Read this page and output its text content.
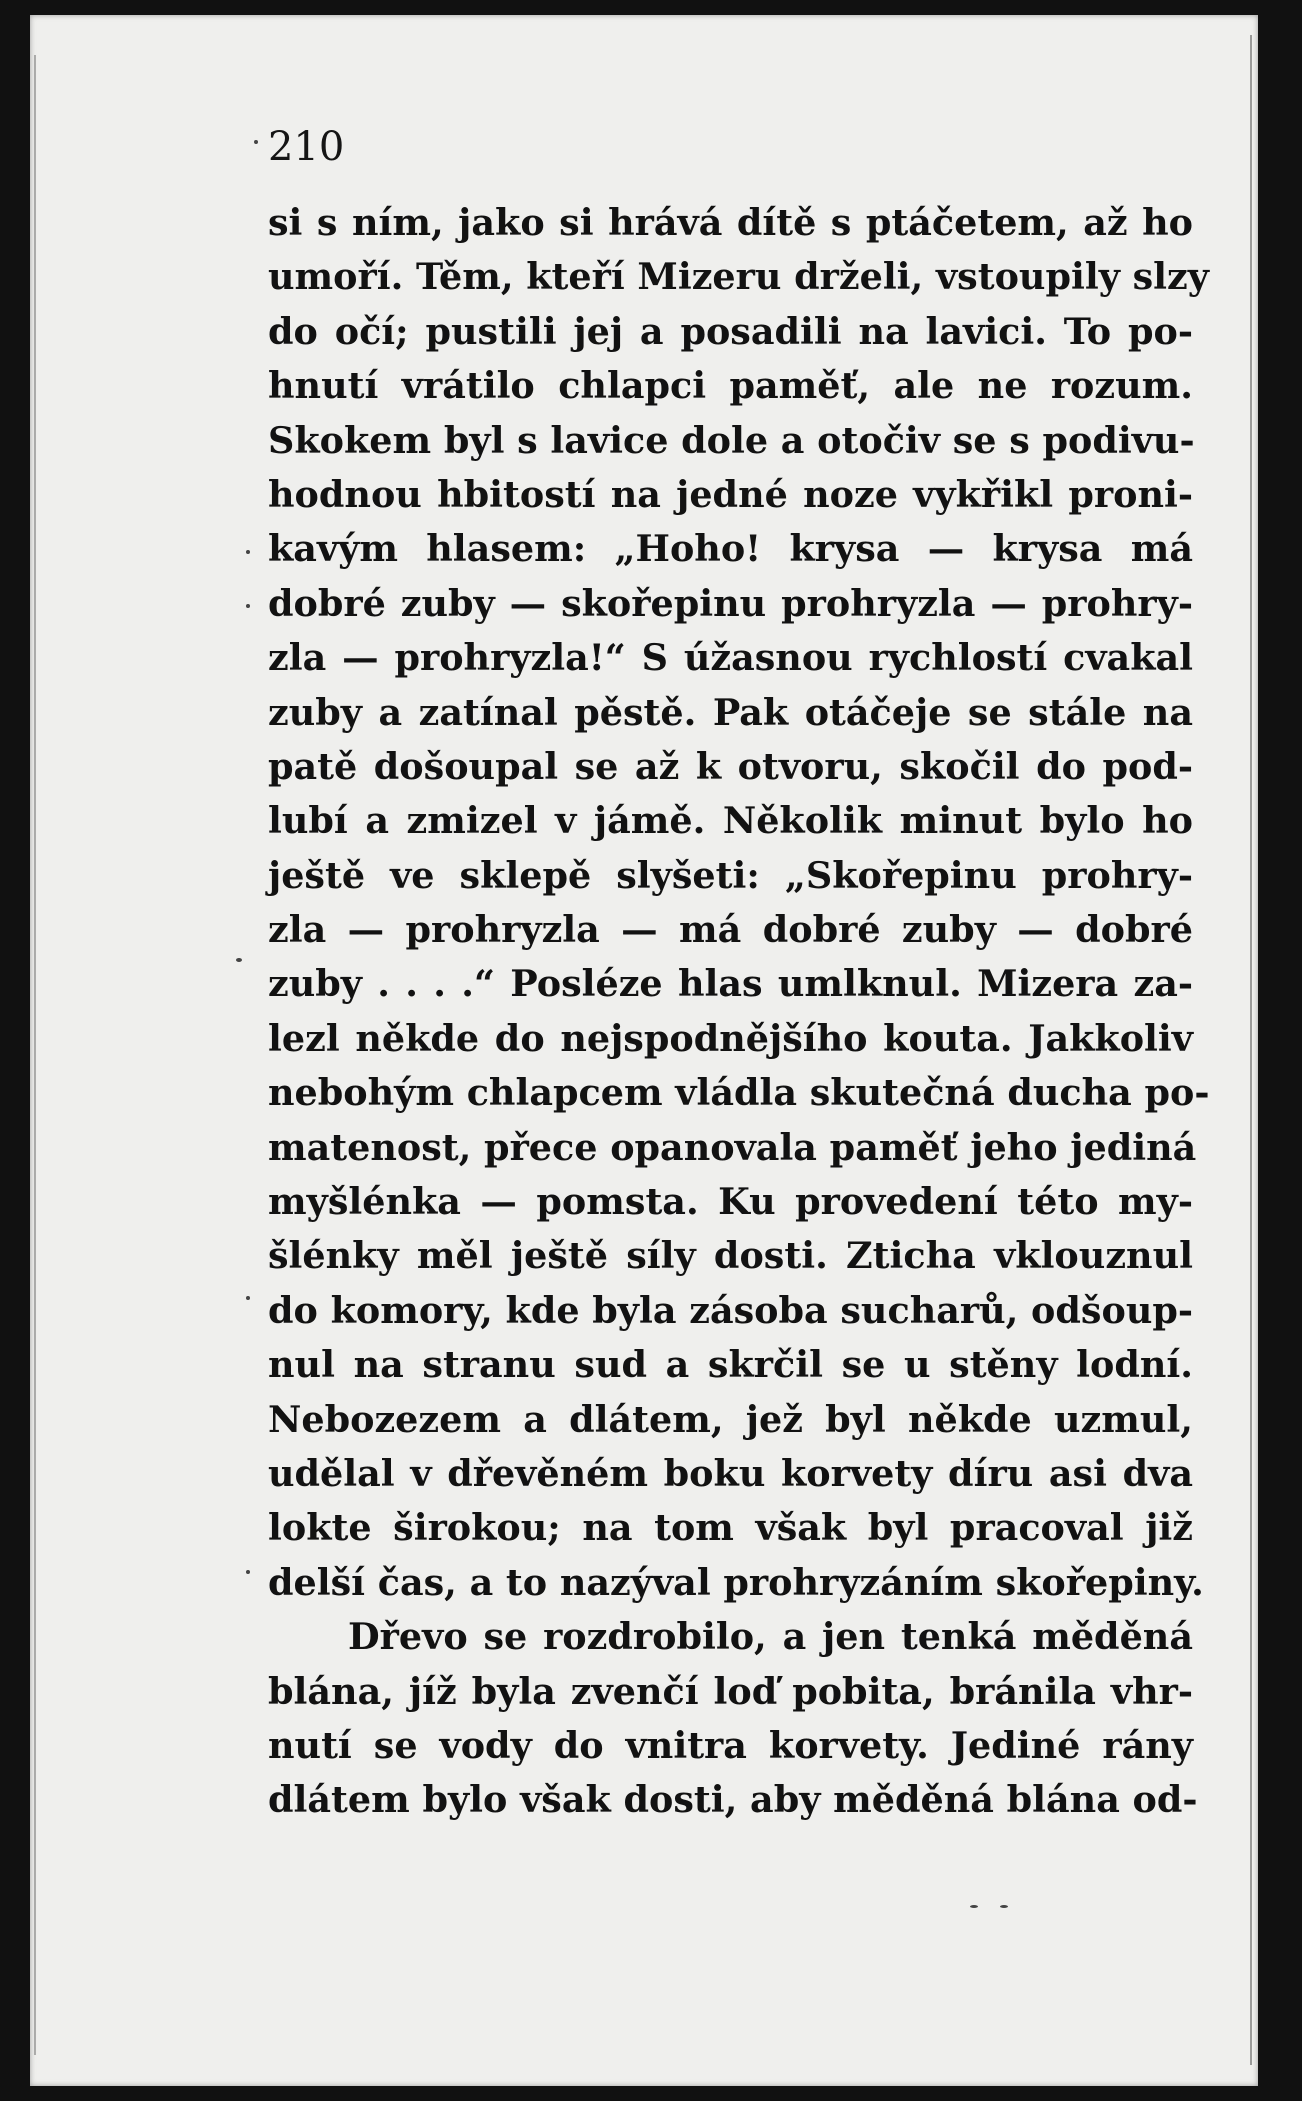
210
si s ním, jako si hrává dítě s ptáčetem, až ho
umoří. Těm, kteří Mizeru drželi, vstoupily slzy
do očí; pustili jej a posadili na lavici. To po-
hnutí vrátilo chlapci paměť, ale ne rozum.
Skokem byl s lavice dole a otočiv se s podivu-
hodnou hbitostí na jedné noze vykřikl proni-
kavým hlasem: „Hoho! krysa — krysa má
dobré zuby — skořepinu prohryzla — prohry-
zla — prohryzla!“ S úžasnou rychlostí cvakal
zuby a zatínal pěstě. Pak otáčeje se stále na
patě došoupal se až k otvoru, skočil do pod-
lubí a zmizel v jámě. Několik minut bylo ho
ještě ve sklepě slyšeti: „Skořepinu prohry-
zla — prohryzla — má dobré zuby — dobré
zuby . . . .“ Posléze hlas umlknul. Mizera za-
lezl někde do nejspodnějšího kouta. Jakkoliv
nebohým chlapcem vládla skutečná ducha po-
matenost, přece opanovala paměť jeho jediná
myšlénka — pomsta. Ku provedení této my-
šlénky měl ještě síly dosti. Zticha vklouznul
do komory, kde byla zásoba sucharů, odšoup-
nul na stranu sud a skrčil se u stěny lodní.
Nebozezem a dlátem, jež byl někde uzmul,
udělal v dřevěném boku korvety díru asi dva
lokte širokou; na tom však byl pracoval již
delší čas, a to nazýval prohryzáním skořepiny.
Dřevo se rozdrobilo, a jen tenká měděná
blána, jíž byla zvenčí loď pobita, bránila vhr-
nutí se vody do vnitra korvety. Jediné rány
dlátem bylo však dosti, aby měděná blána od-
